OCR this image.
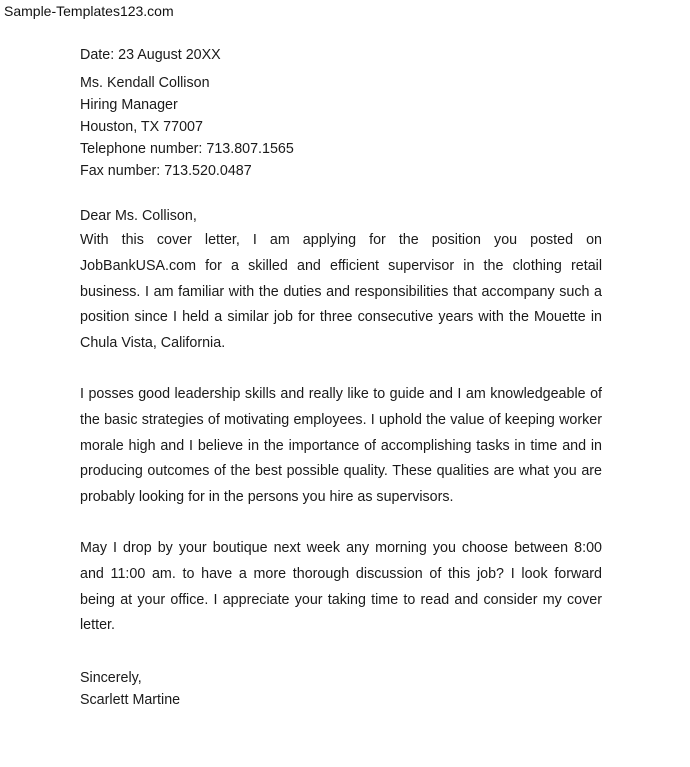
Sample-Templates123.com
Date: 23 August 20XX
Ms. Kendall Collison
Hiring Manager
Houston, TX 77007
Telephone number: 713.807.1565
Fax number: 713.520.0487
Dear Ms. Collison,

With this cover letter, I am applying for the position you posted on JobBankUSA.com for a skilled and efficient supervisor in the clothing retail business. I am familiar with the duties and responsibilities that accompany such a position since I held a similar job for three consecutive years with the Mouette in Chula Vista, California.

I posses good leadership skills and really like to guide and I am knowledgeable of the basic strategies of motivating employees. I uphold the value of keeping worker morale high and I believe in the importance of accomplishing tasks in time and in producing outcomes of the best possible quality. These qualities are what you are probably looking for in the persons you hire as supervisors.

May I drop by your boutique next week any morning you choose between 8:00 and 11:00 am. to have a more thorough discussion of this job? I look forward being at your office. I appreciate your taking time to read and consider my cover letter.

Sincerely,
Scarlett Martine
